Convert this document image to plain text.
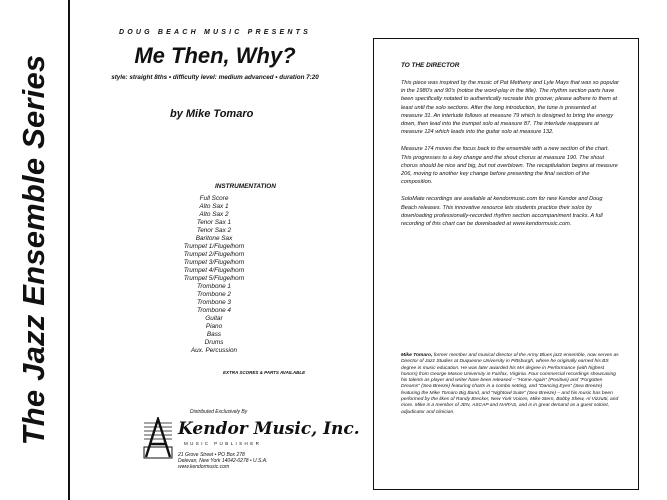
The Jazz Ensemble Series
DOUG BEACH MUSIC PRESENTS
Me Then, Why?
style: straight 8ths • difficulty level: medium advanced • duration 7:20
by Mike Tomaro
INSTRUMENTATION
Full Score
Alto Sax 1
Alto Sax 2
Tenor Sax 1
Tenor Sax 2
Baritone Sax
Trumpet 1/Flugelhorn
Trumpet 2/Flugelhorn
Trumpet 3/Flugelhorn
Trumpet 4/Flugelhorn
Trumpet 5/Flugelhorn
Trombone 1
Trombone 2
Trombone 3
Trombone 4
Guitar
Piano
Bass
Drums
Aux. Percussion
EXTRA SCORES & PARTS AVAILABLE
Distributed Exclusively By
Kendor Music, Inc.
MUSIC PUBLISHER
21 Grove Street • PO Box 278
Delevan, New York 14042-0278 • U.S.A.
www.kendormusic.com
TO THE DIRECTOR

This piece was inspired by the music of Pat Metheny and Lyle Mays that was so popular in the 1980's and 90's (notice the word-play in the title). The rhythm section parts have been specifically notated to authentically recreate this groove; please adhere to them at least until the solo sections. After the long introduction, the tune is presented at measure 31. An interlude follows at measure 79 which is designed to bring the energy down, then lead into the trumpet solo at measure 87. The interlude reappears at measure 124 which leads into the guitar solo at measure 132.

Measure 174 moves the focus back to the ensemble with a new section of the chart. This progresses to a key change and the shout chorus at measure 190. The shout chorus should be nice and big, but not overblown. The recapitulation begins at measure 206, moving to another key change before presenting the final section of the composition.

SoloMate recordings are available at kendormusic.com for new Kendor and Doug Beach releases. This innovative resource lets students practice their solos by downloading professionally-recorded rhythm section accompaniment tracks. A full recording of this chart can be downloaded at www.kendormusic.com.

Mike Tomaro, former member and musical director of the Army Blues jazz ensemble, now serves as Director of Jazz Studies at Duquesne University in Pittsburgh, where he originally earned his BS degree in music education. He was later awarded his MA degree in Performance (with highest honors) from George Mason University in Fairfax, Virginia. Four commercial recordings showcasing his talents as player and writer have been released – "Home Again" (Positive) and "Forgotten Dreams" (Sea Breeze) featuring charts in a combo setting, and "Dancing Eyes" (Sea Breeze) featuring the Mike Tomaro Big Band, and "Nightowl Suite" (Sea Breeze) – and his music has been performed by the likes of Randy Brecker, New York Voices, Mike Stern, Bobby Shew, Al Vizzutti, and more. Mike is a member of JEN, ASCAP and NARAS, and is in great demand as a guest soloist, adjudicator and clinician.
